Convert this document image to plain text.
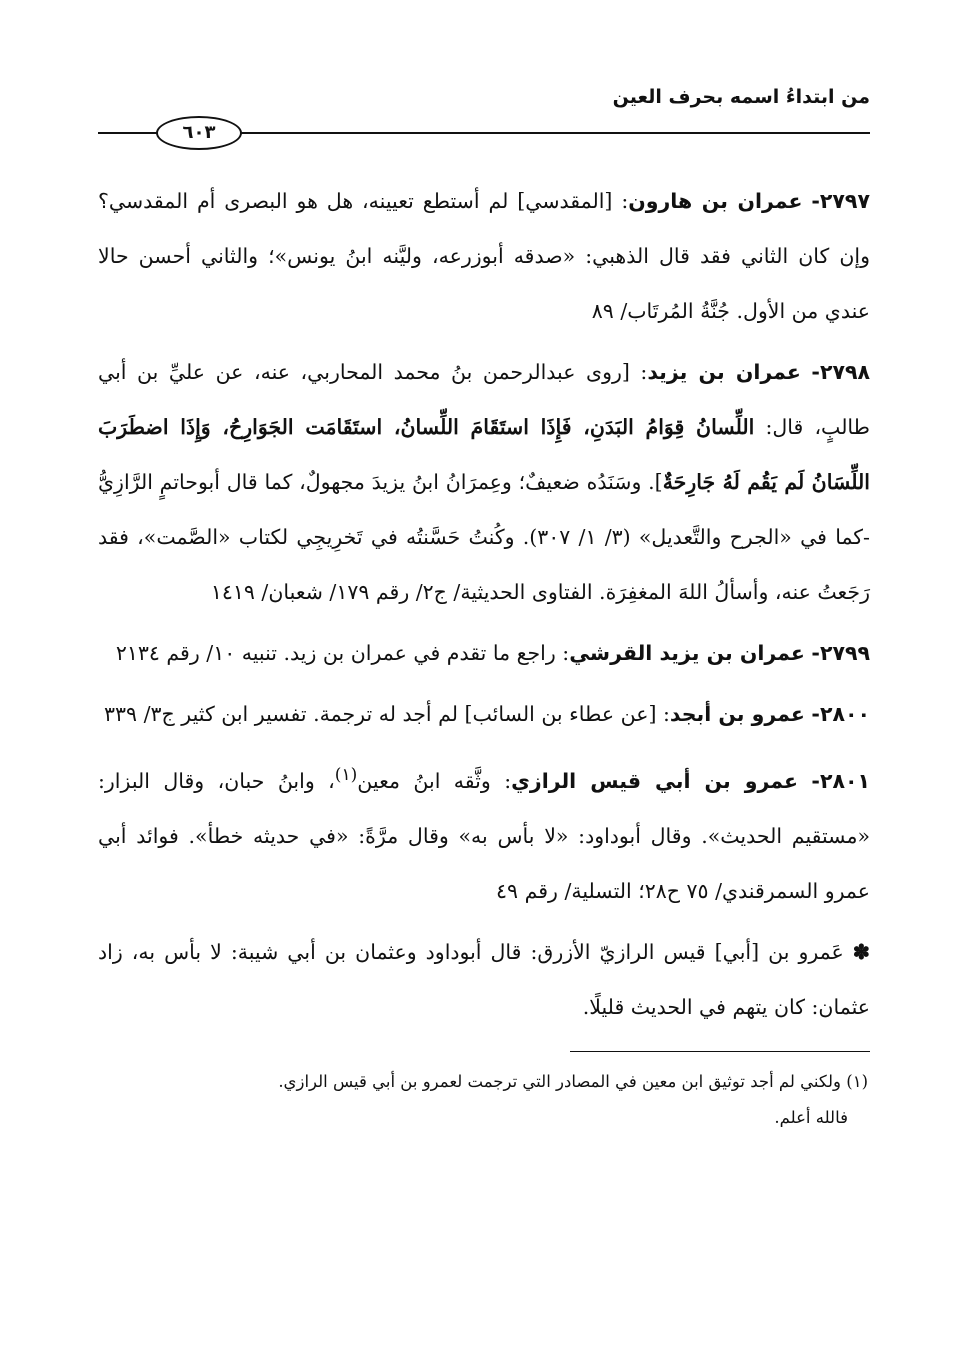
من ابتداءُ اسمه بحرف العين
٦٠٣

٢٧٩٧- عمران بن هارون: [المقدسي] لم أستطع تعيينه، هل هو البصرى أم المقدسي؟ وإن كان الثاني فقد قال الذهبي: «صدقه أبوزرعه، وليَّنه ابنُ يونس»؛ والثاني أحسن حالا عندي من الأول. جُنَّةُ المُرتَاب/ ٨٩

٢٧٩٨- عمران بن يزيد: [روى عبدالرحمن بنُ محمد المحاربي، عنه، عن عليِّ بن أبي طالبٍ، قال: اللِّسانُ قِوَامُ البَدَنِ، فَإِذَا استَقَامَ اللِّسانُ، استَقَامَت الجَوَارِحُ، وَإِذَا اضطَرَبَ اللِّسَانُ لَم يَقُم لَهُ جَارِحَةٌ]. وسَنَدُه ضعيفٌ؛ وعِمرَانُ ابنُ يزيدَ مجهولٌ، كما قال أبوحاتمٍ الرَّازِيُّ -كما في «الجرح والتَّعديل» (٣/ ١/ ٣٠٧). وكُنتُ حَسَّنتُه في تَخرِيجِي لكتاب «الصَّمت»، فقد رَجَعتُ عنه، وأسألُ اللهَ المغفِرَة. الفتاوى الحديثية/ ج٢/ رقم ١٧٩/ شعبان/ ١٤١٩

٢٧٩٩- عمران بن يزيد القرشي: راجع ما تقدم في عمران بن زيد. تنبيه ١٠/ رقم ٢١٣٤

٢٨٠٠- عمرو بن أبجد: [عن عطاء بن السائب] لم أجد له ترجمة. تفسير ابن كثير ج٣/ ٣٣٩

٢٨٠١- عمرو بن أبي قيس الرازي: وثَّقه ابنُ معين$^{(١)}$، وابنُ حبان، وقال البزار: «مستقيم الحديث». وقال أبوداود: «لا بأس به» وقال مرَّةً: «في حديثه خطأ». فوائد أبي عمرو السمرقندي/ ٧٥ ح٢٨؛ التسلية/ رقم ٤٩

✽ عَمرو بن [أبي] قيس الرازيّ الأزرق: قال أبوداود وعثمان بن أبي شيبة: لا بأس به، زاد عثمان: كان يتهم في الحديث قليلًا.

(١) ولكني لم أجد توثيق ابن معين في المصادر التي ترجمت لعمرو بن أبي قيس الرازي.
فالله أعلم.
